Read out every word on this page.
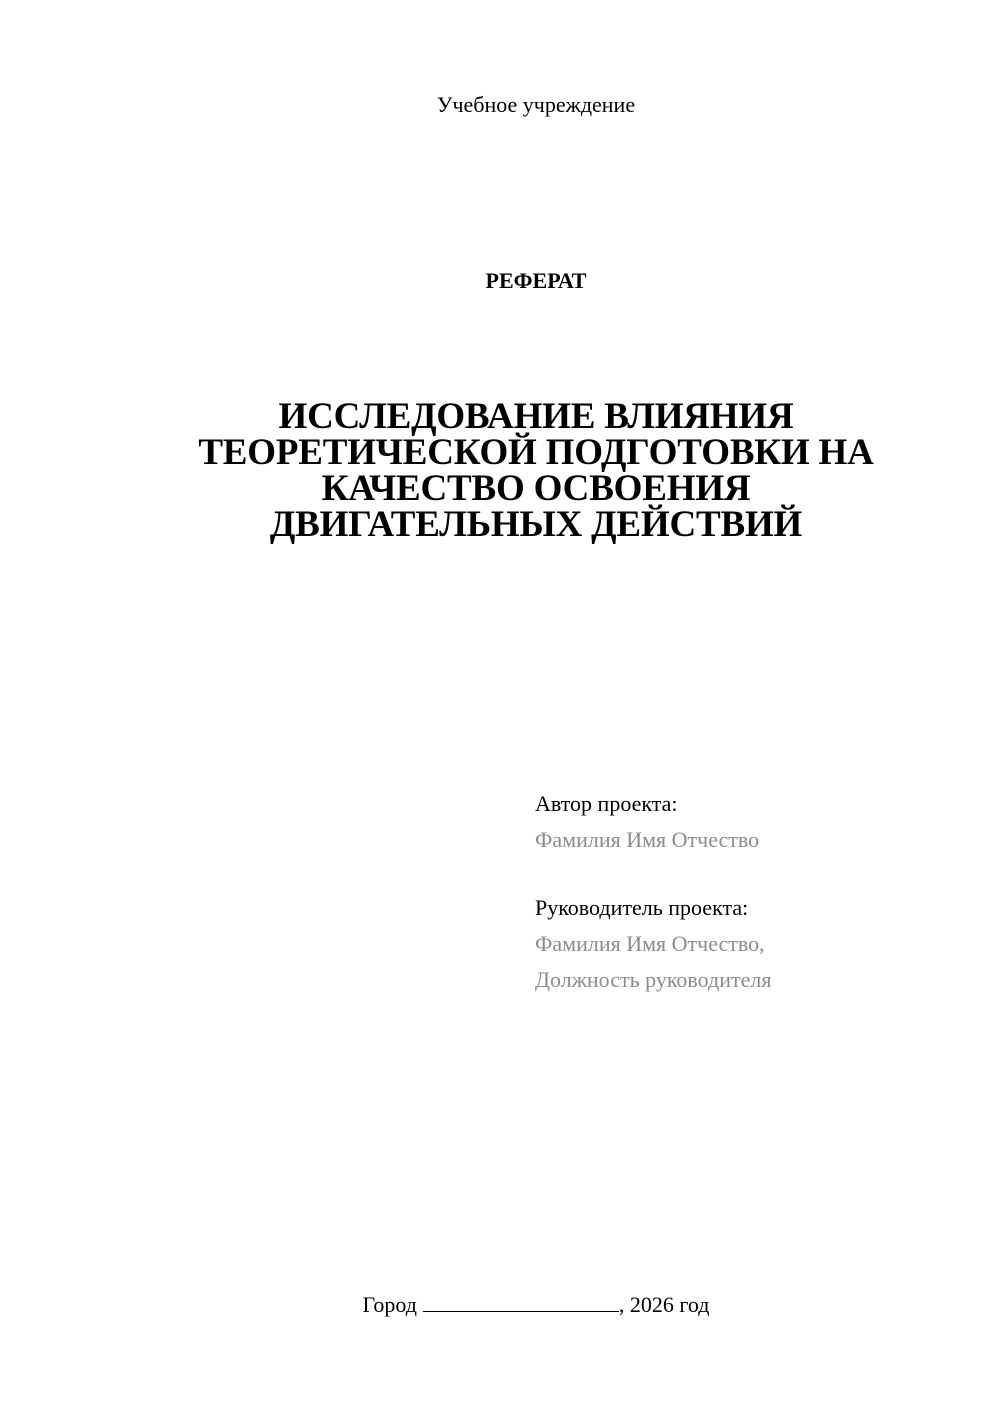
Учебное учреждение
РЕФЕРАТ
ИССЛЕДОВАНИЕ ВЛИЯНИЯ
ТЕОРЕТИЧЕСКОЙ ПОДГОТОВКИ НА
КАЧЕСТВО ОСВОЕНИЯ
ДВИГАТЕЛЬНЫХ ДЕЙСТВИЙ
Автор проекта:
Фамилия Имя Отчество
Руководитель проекта:
Фамилия Имя Отчество,
Должность руководителя
Город	, 2026 год
